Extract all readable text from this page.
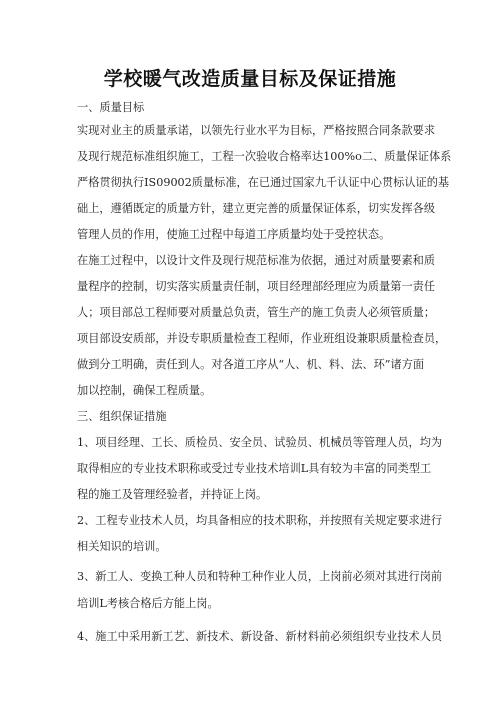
学校暖气改造质量目标及保证措施
一、质量目标
实现对业主的质量承诺，以领先行业水平为目标，严格按照合同条款要求
及现行规范标准组织施工，工程一次验收合格率达100%o二、质量保证体系
严格贯彻执行IS09002质量标准，在已通过国家九千认证中心贯标认证的基
础上，遵循既定的质量方针，建立更完善的质量保证体系，切实发挥各级
管理人员的作用，使施工过程中每道工序质量均处于受控状态。
在施工过程中，以设计文件及现行规范标准为依据，通过对质量要素和质
量程序的控制，切实落实质量责任制，项目经理部经理应为质量第一责任
人；项目部总工程师要对质量总负责，管生产的施工负责人必须管质量；
项目部设安质部，并设专职质量检查工程师，作业班组设兼职质量检查员，
做到分工明确，责任到人。对各道工序从“人、机、料、法、环”诸方面
加以控制，确保工程质量。
三、组织保证措施
1、项目经理、工长、质检员、安全员、试验员、机械员等管理人员，均为
取得相应的专业技术职称或受过专业技术培训L具有较为丰富的同类型工
程的施工及管理经验者，并持证上岗。
2、工程专业技术人员，均具备相应的技术职称，并按照有关规定要求进行
相关知识的培训。
3、新工人、变换工种人员和特种工种作业人员，上岗前必须对其进行岗前
培训L考核合格后方能上岗。
4、施工中采用新工艺、新技术、新设备、新材料前必须组织专业技术人员
